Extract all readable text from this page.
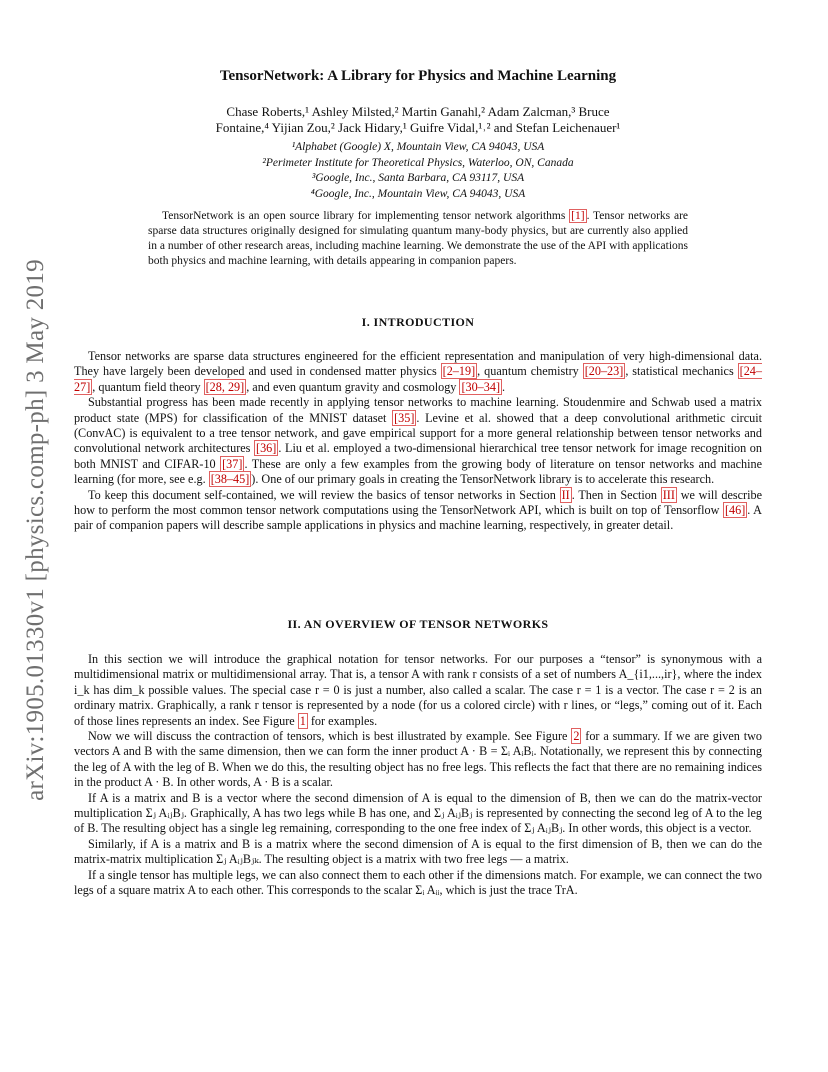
arXiv:1905.01330v1 [physics.comp-ph] 3 May 2019
TensorNetwork: A Library for Physics and Machine Learning
Chase Roberts,¹ Ashley Milsted,² Martin Ganahl,² Adam Zalcman,³ Bruce
Fontaine,⁴ Yijian Zou,² Jack Hidary,¹ Guifre Vidal,¹˒² and Stefan Leichenauer¹
¹Alphabet (Google) X, Mountain View, CA 94043, USA
²Perimeter Institute for Theoretical Physics, Waterloo, ON, Canada
³Google, Inc., Santa Barbara, CA 93117, USA
⁴Google, Inc., Mountain View, CA 94043, USA
TensorNetwork is an open source library for implementing tensor network algorithms [1] . Tensor networks are sparse data structures originally designed for simulating quantum many-body physics, but are currently also applied in a number of other research areas, including machine learning. We demonstrate the use of the API with applications both physics and machine learning, with details appearing in companion papers.
I. INTRODUCTION

Tensor networks are sparse data structures engineered for the efficient representation and manipulation of very high-dimensional data. They have largely been developed and used in condensed matter physics [2–19] , quantum chemistry [20–23] , statistical mechanics [24–27] , quantum field theory [28, 29] , and even quantum gravity and cosmology [30–34] .

Substantial progress has been made recently in applying tensor networks to machine learning. Stoudenmire and Schwab used a matrix product state (MPS) for classification of the MNIST dataset [35] . Levine et al. showed that a deep convolutional arithmetic circuit (ConvAC) is equivalent to a tree tensor network, and gave empirical support for a more general relationship between tensor networks and convolutional network architectures [36] . Liu et al. employed a two-dimensional hierarchical tree tensor network for image recognition on both MNIST and CIFAR-10 [37] . These are only a few examples from the growing body of literature on tensor networks and machine learning (for more, see e.g. [38–45] ). One of our primary goals in creating the TensorNetwork library is to accelerate this research.

To keep this document self-contained, we will review the basics of tensor networks in Section II . Then in Section III we will describe how to perform the most common tensor network computations using the TensorNetwork API, which is built on top of Tensorflow [46] . A pair of companion papers will describe sample applications in physics and machine learning, respectively, in greater detail.

II. AN OVERVIEW OF TENSOR NETWORKS

In this section we will introduce the graphical notation for tensor networks. For our purposes a “tensor” is synonymous with a multidimensional matrix or multidimensional array. That is, a tensor A with rank r consists of a set of numbers A_{i1,...,ir}, where the index i_k has dim_k possible values. The special case r = 0 is just a number, also called a scalar. The case r = 1 is a vector. The case r = 2 is an ordinary matrix. Graphically, a rank r tensor is represented by a node (for us a colored circle) with r lines, or “legs,” coming out of it. Each of those lines represents an index. See Figure 1 for examples.

Now we will discuss the contraction of tensors, which is best illustrated by example. See Figure 2 for a summary. If we are given two vectors A and B with the same dimension, then we can form the inner product A · B = Σᵢ AᵢBᵢ. Notationally, we represent this by connecting the leg of A with the leg of B. When we do this, the resulting object has no free legs. This reflects the fact that there are no remaining indices in the product A · B. In other words, A · B is a scalar.

If A is a matrix and B is a vector where the second dimension of A is equal to the dimension of B, then we can do the matrix-vector multiplication Σⱼ AᵢⱼBⱼ. Graphically, A has two legs while B has one, and Σⱼ AᵢⱼBⱼ is represented by connecting the second leg of A to the leg of B. The resulting object has a single leg remaining, corresponding to the one free index of Σⱼ AᵢⱼBⱼ. In other words, this object is a vector.

Similarly, if A is a matrix and B is a matrix where the second dimension of A is equal to the first dimension of B, then we can do the matrix-matrix multiplication Σⱼ AᵢⱼBⱼₖ. The resulting object is a matrix with two free legs — a matrix.

If a single tensor has multiple legs, we can also connect them to each other if the dimensions match. For example, we can connect the two legs of a square matrix A to each other. This corresponds to the scalar Σᵢ Aᵢᵢ, which is just the trace TrA.
